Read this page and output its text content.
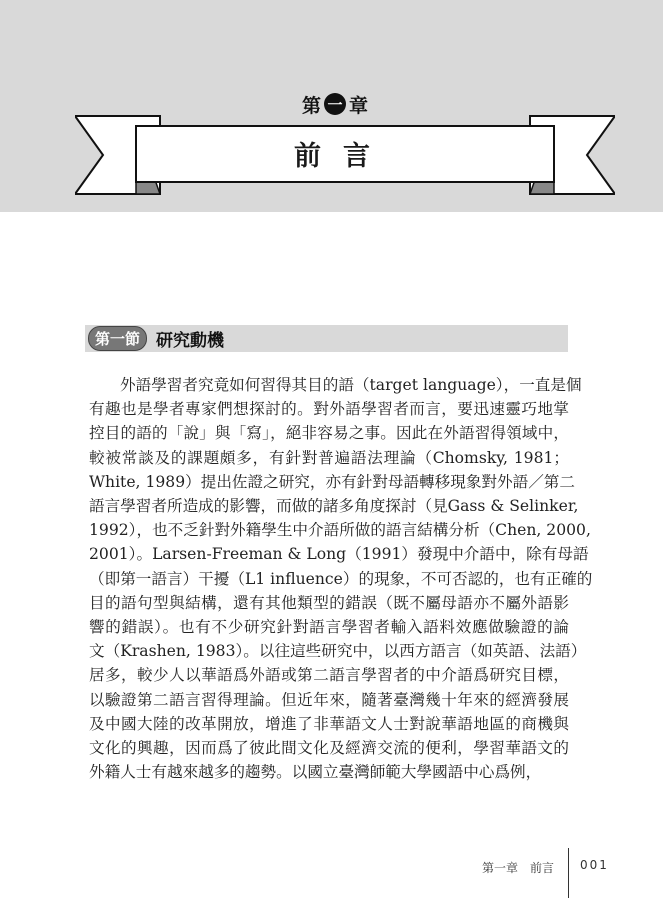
第 一 章
前言
第一節 研究動機

外語學習者究竟如何習得其目的語（target language），一直是個
有趣也是學者專家們想探討的。對外語學習者而言，要迅速靈巧地掌
控目的語的「說」與「寫」，絕非容易之事。因此在外語習得領域中，
較被常談及的課題頗多，有針對普遍語法理論（Chomsky, 1981；
White, 1989）提出佐證之研究，亦有針對母語轉移現象對外語／第二
語言學習者所造成的影響，而做的諸多角度探討（見Gass & Selinker,
1992），也不乏針對外籍學生中介語所做的語言結構分析（Chen, 2000,
2001）。Larsen-Freeman & Long（1991）發現中介語中，除有母語
（即第一語言）干擾（L1 influence）的現象，不可否認的，也有正確的
目的語句型與結構，還有其他類型的錯誤（既不屬母語亦不屬外語影
響的錯誤）。也有不少研究針對語言學習者輸入語料效應做驗證的論
文（Krashen, 1983）。以往這些研究中，以西方語言（如英語、法語）
居多，較少人以華語爲外語或第二語言學習者的中介語爲研究目標，
以驗證第二語言習得理論。但近年來，隨著臺灣幾十年來的經濟發展
及中國大陸的改革開放，增進了非華語文人士對說華語地區的商機與
文化的興趣，因而爲了彼此間文化及經濟交流的便利，學習華語文的
外籍人士有越來越多的趨勢。以國立臺灣師範大學國語中心爲例，

第一章　前言 001
